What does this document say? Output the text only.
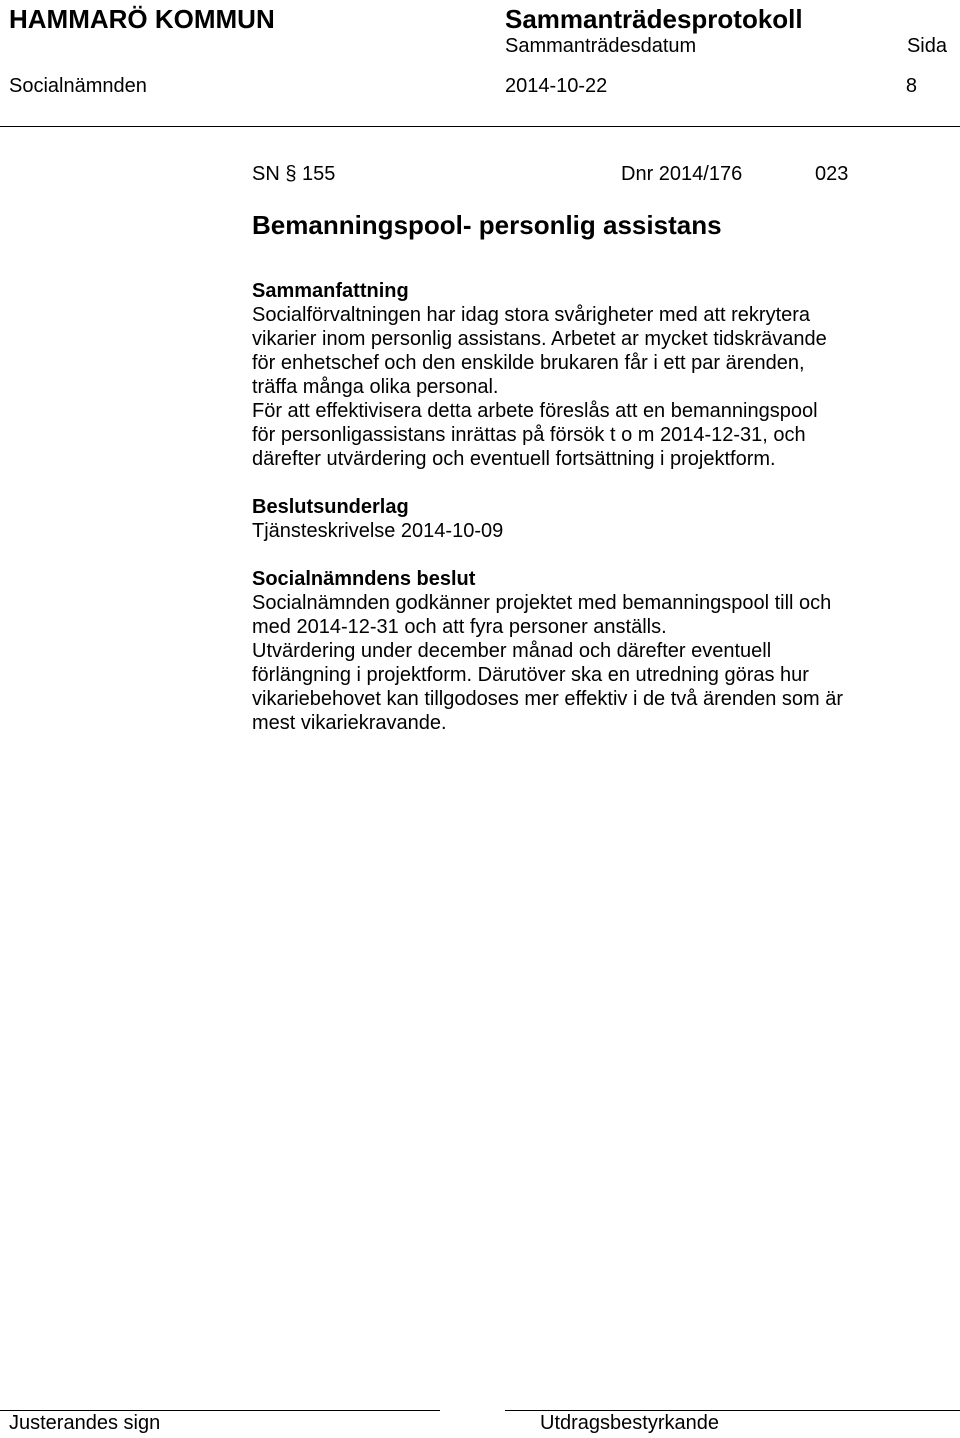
HAMMARÖ KOMMUN	Sammanträdesprotokoll
Sammanträdesdatum	Sida
Socialnämnden	2014-10-22	8
SN § 155	Dnr 2014/176	023
Bemanningspool- personlig assistans

Sammanfattning

Socialförvaltningen har idag stora svårigheter med att rekrytera

vikarier inom personlig assistans. Arbetet ar mycket tidskrävande

för enhetschef och den enskilde brukaren får i ett par ärenden,

träffa många olika personal.

För att effektivisera detta arbete föreslås att en bemanningspool

för personligassistans inrättas på försök t o m 2014-12-31, och

därefter utvärdering och eventuell fortsättning i projektform.

Beslutsunderlag

Tjänsteskrivelse 2014-10-09

Socialnämndens beslut

Socialnämnden godkänner projektet med bemanningspool till och

med 2014-12-31 och att fyra personer anställs.

Utvärdering under december månad och därefter eventuell

förlängning i projektform. Därutöver ska en utredning göras hur

vikariebehovet kan tillgodoses mer effektiv i de två ärenden som är

mest vikariekravande.

Justerandes sign	Utdragsbestyrkande
